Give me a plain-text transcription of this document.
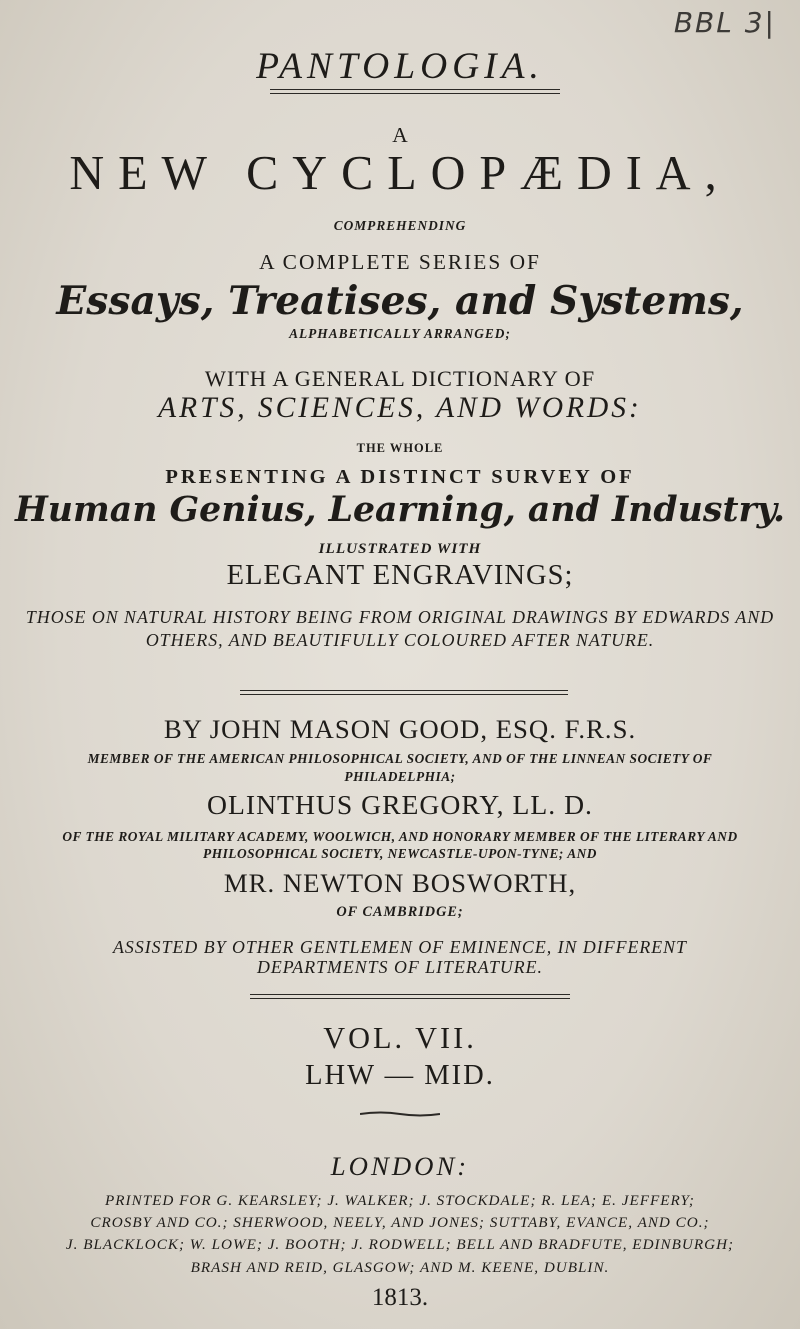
BBL 3|
PANTOLOGIA.
A
NEW CYCLOPÆDIA,
COMPREHENDING
A COMPLETE SERIES OF
Essays, Treatises, and Systems,
ALPHABETICALLY ARRANGED;
WITH A GENERAL DICTIONARY OF
ARTS, SCIENCES, AND WORDS:
THE WHOLE
PRESENTING A DISTINCT SURVEY OF
Human Genius, Learning, and Industry.
ILLUSTRATED WITH
ELEGANT ENGRAVINGS;
THOSE ON NATURAL HISTORY BEING FROM ORIGINAL DRAWINGS BY EDWARDS AND
OTHERS, AND BEAUTIFULLY COLOURED AFTER NATURE.
BY JOHN MASON GOOD, ESQ. F.R.S.
MEMBER OF THE AMERICAN PHILOSOPHICAL SOCIETY, AND OF THE LINNEAN SOCIETY OF
PHILADELPHIA;
OLINTHUS GREGORY, LL. D.
OF THE ROYAL MILITARY ACADEMY, WOOLWICH, AND HONORARY MEMBER OF THE LITERARY AND
PHILOSOPHICAL SOCIETY, NEWCASTLE-UPON-TYNE; AND
MR. NEWTON BOSWORTH,
OF CAMBRIDGE;
ASSISTED BY OTHER GENTLEMEN OF EMINENCE, IN DIFFERENT
DEPARTMENTS OF LITERATURE.
VOL. VII.
LHW — MID.
LONDON:
PRINTED FOR G. KEARSLEY; J. WALKER; J. STOCKDALE; R. LEA; E. JEFFERY;
CROSBY AND CO.; SHERWOOD, NEELY, AND JONES; SUTTABY, EVANCE, AND CO.;
J. BLACKLOCK; W. LOWE; J. BOOTH; J. RODWELL; BELL AND BRADFUTE, EDINBURGH;
BRASH AND REID, GLASGOW; AND M. KEENE, DUBLIN.
1813.
